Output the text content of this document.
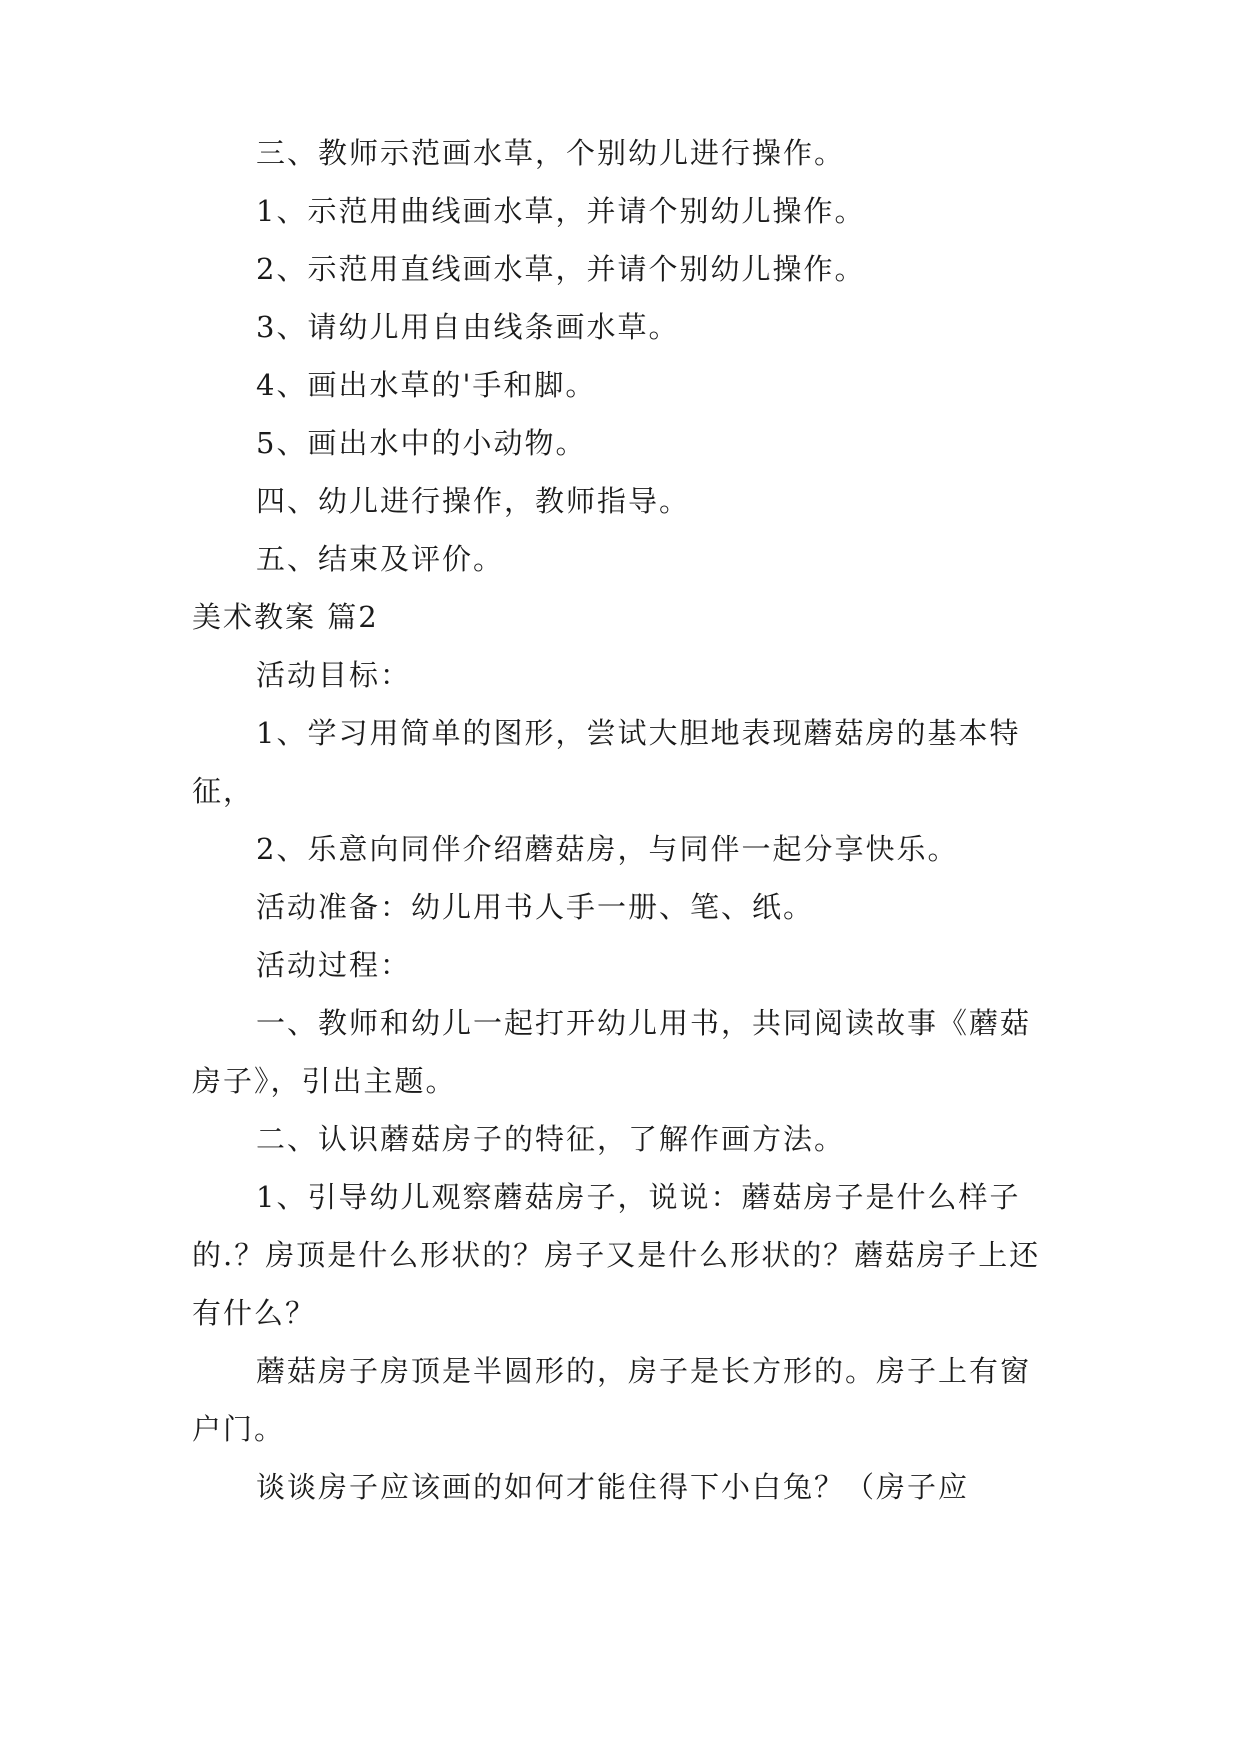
三、教师示范画水草，个别幼儿进行操作。

1、示范用曲线画水草，并请个别幼儿操作。

2、示范用直线画水草，并请个别幼儿操作。

3、请幼儿用自由线条画水草。

4、画出水草的'手和脚。

5、画出水中的小动物。

四、幼儿进行操作，教师指导。

五、结束及评价。

美术教案 篇2

活动目标：

1、学习用简单的图形，尝试大胆地表现蘑菇房的基本特征，

2、乐意向同伴介绍蘑菇房，与同伴一起分享快乐。

活动准备：幼儿用书人手一册、笔、纸。

活动过程：

一、教师和幼儿一起打开幼儿用书，共同阅读故事《蘑菇房子》，引出主题。

二、认识蘑菇房子的特征，了解作画方法。

1、引导幼儿观察蘑菇房子，说说：蘑菇房子是什么样子的.？房顶是什么形状的？房子又是什么形状的？蘑菇房子上还有什么？

蘑菇房子房顶是半圆形的，房子是长方形的。房子上有窗户门。

谈谈房子应该画的如何才能住得下小白兔？（房子应
